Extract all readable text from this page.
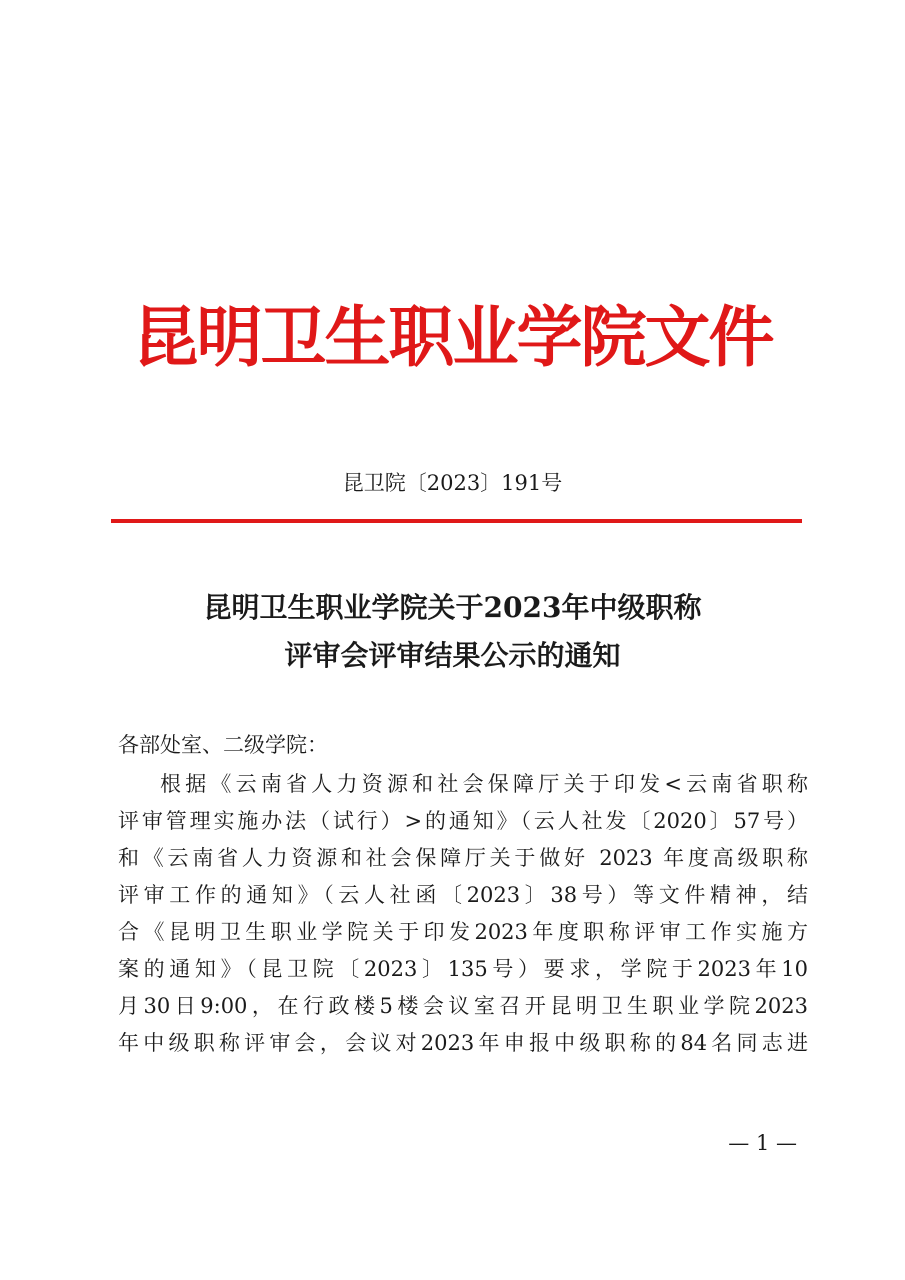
昆明卫生职业学院文件
昆卫院〔2023〕191号
昆明卫生职业学院关于2023年中级职称
评审会评审结果公示的通知
各部处室、二级学院：
根据《云南省人力资源和社会保障厅关于印发<云南省职称
评审管理实施办法（试行）>的通知》（云人社发〔2020〕57号）
和《云南省人力资源和社会保障厅关于做好 2023 年度高级职称
评审工作的通知》（云人社函〔2023〕38号）等文件精神，结
合《昆明卫生职业学院关于印发2023年度职称评审工作实施方
案的通知》（昆卫院〔2023〕135号）要求，学院于2023年10
月30日9:00，在行政楼5楼会议室召开昆明卫生职业学院2023
年中级职称评审会，会议对2023年申报中级职称的84名同志进
— 1 —
